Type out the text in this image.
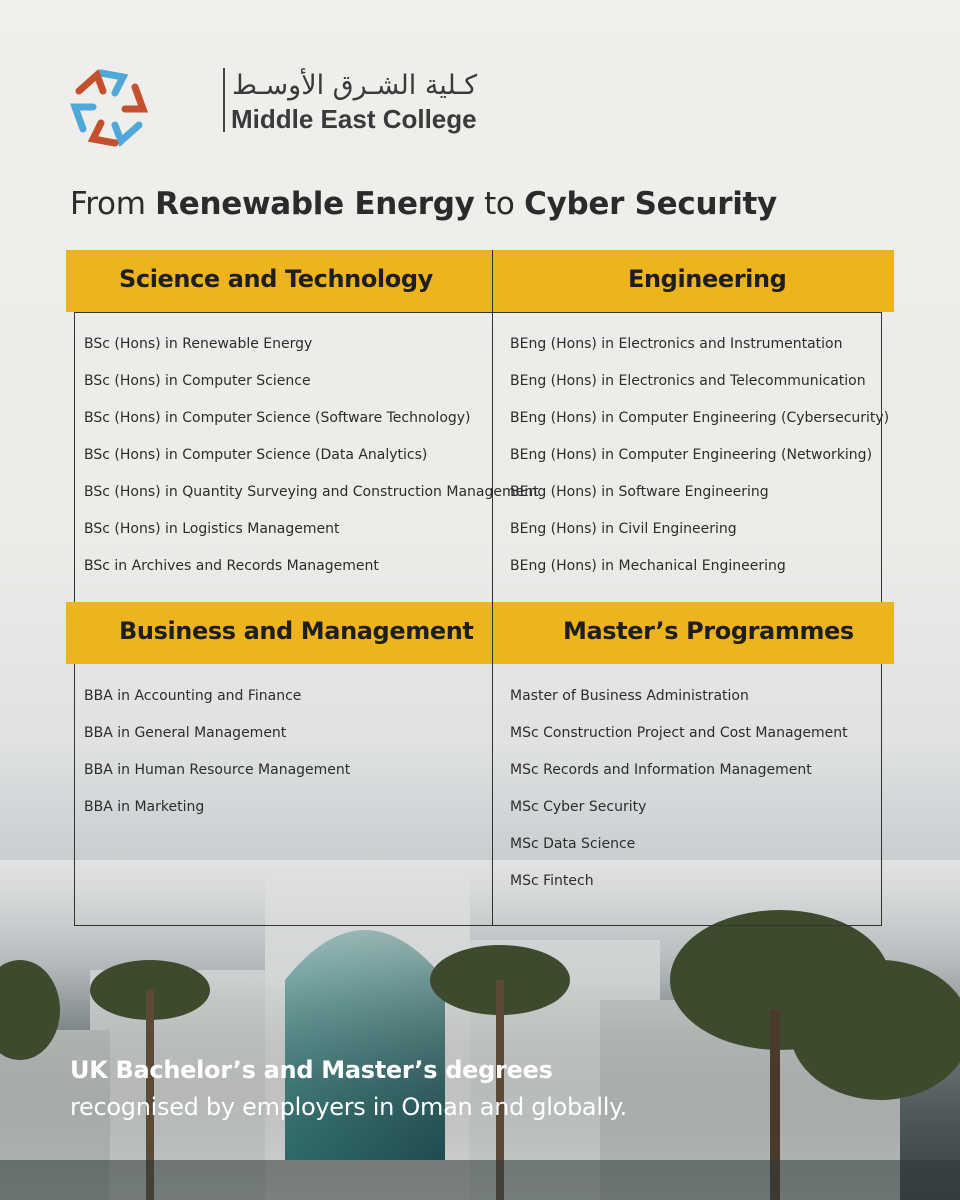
كـلية الشـرق الأوسـط
Middle East College
From Renewable Energy to Cyber Security
Science and Technology	Engineering
BSc (Hons) in Renewable Energy
BSc (Hons) in Computer Science
BSc (Hons) in Computer Science (Software Technology)
BSc (Hons) in Computer Science (Data Analytics)
BSc (Hons) in Quantity Surveying and Construction Management
BSc (Hons) in Logistics Management
BSc in Archives and Records Management
BEng (Hons) in Electronics and Instrumentation
BEng (Hons) in Electronics and Telecommunication
BEng (Hons) in Computer Engineering (Cybersecurity)
BEng (Hons) in Computer Engineering (Networking)
BEng (Hons) in Software Engineering
BEng (Hons) in Civil Engineering
BEng (Hons) in Mechanical Engineering
Business and Management	Master’s Programmes
BBA in Accounting and Finance
BBA in General Management
BBA in Human Resource Management
BBA in Marketing
Master of Business Administration
MSc Construction Project and Cost Management
MSc Records and Information Management
MSc Cyber Security
MSc Data Science
MSc Fintech
UK Bachelor’s and Master’s degrees
recognised by employers in Oman and globally.
